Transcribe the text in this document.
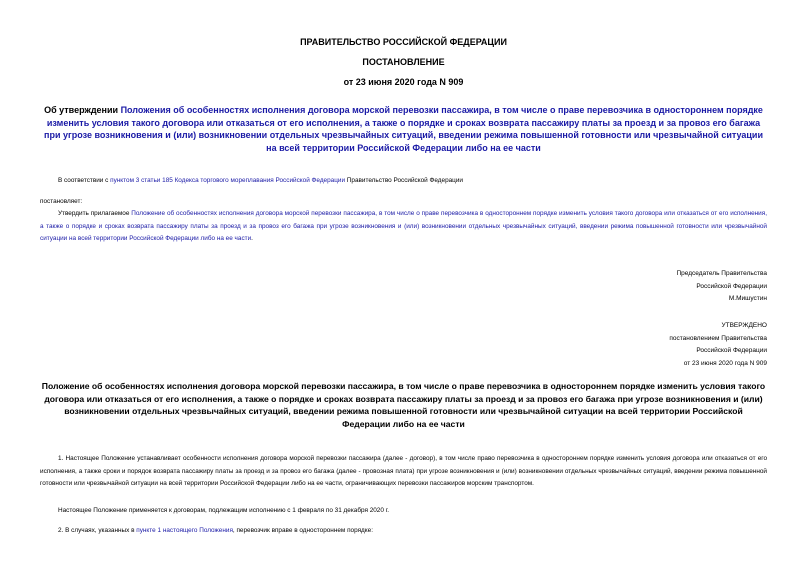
ПРАВИТЕЛЬСТВО РОССИЙСКОЙ ФЕДЕРАЦИИ
ПОСТАНОВЛЕНИЕ
от 23 июня 2020 года N 909
Об утверждении Положения об особенностях исполнения договора морской перевозки пассажира, в том числе о праве перевозчика в одностороннем порядке изменить условия такого договора или отказаться от его исполнения, а также о порядке и сроках возврата пассажиру платы за проезд и за провоз его багажа при угрозе возникновения и (или) возникновении отдельных чрезвычайных ситуаций, введении режима повышенной готовности или чрезвычайной ситуации на всей территории Российской Федерации либо на ее части
В соответствии с пунктом 3 статьи 185 Кодекса торгового мореплавания Российской Федерации Правительство Российской Федерации
постановляет:
Утвердить прилагаемое Положение об особенностях исполнения договора морской перевозки пассажира, в том числе о праве перевозчика в одностороннем порядке изменить условия такого договора или отказаться от его исполнения, а также о порядке и сроках возврата пассажиру платы за проезд и за провоз его багажа при угрозе возникновения и (или) возникновении отдельных чрезвычайных ситуаций, введении режима повышенной готовности или чрезвычайной ситуации на всей территории Российской Федерации либо на ее части.
Председатель Правительства
Российской Федерации
М.Мишустин
УТВЕРЖДЕНО
постановлением Правительства
Российской Федерации
от 23 июня 2020 года N 909
Положение об особенностях исполнения договора морской перевозки пассажира, в том числе о праве перевозчика в одностороннем порядке изменить условия такого договора или отказаться от его исполнения, а также о порядке и сроках возврата пассажиру платы за проезд и за провоз его багажа при угрозе возникновения и (или) возникновении отдельных чрезвычайных ситуаций, введении режима повышенной готовности или чрезвычайной ситуации на всей территории Российской Федерации либо на ее части
1. Настоящее Положение устанавливает особенности исполнения договора морской перевозки пассажира (далее - договор), в том числе право перевозчика в одностороннем порядке изменить условия договора или отказаться от его исполнения, а также сроки и порядок возврата пассажиру платы за проезд и за провоз его багажа (далее - провозная плата) при угрозе возникновения и (или) возникновении отдельных чрезвычайных ситуаций, введении режима повышенной готовности или чрезвычайной ситуации на всей территории Российской Федерации либо на ее части, ограничивающих перевозки пассажиров морским транспортом.
Настоящее Положение применяется к договорам, подлежащим исполнению с 1 февраля по 31 декабря 2020 г.
2. В случаях, указанных в пункте 1 настоящего Положения, перевозчик вправе в одностороннем порядке:
